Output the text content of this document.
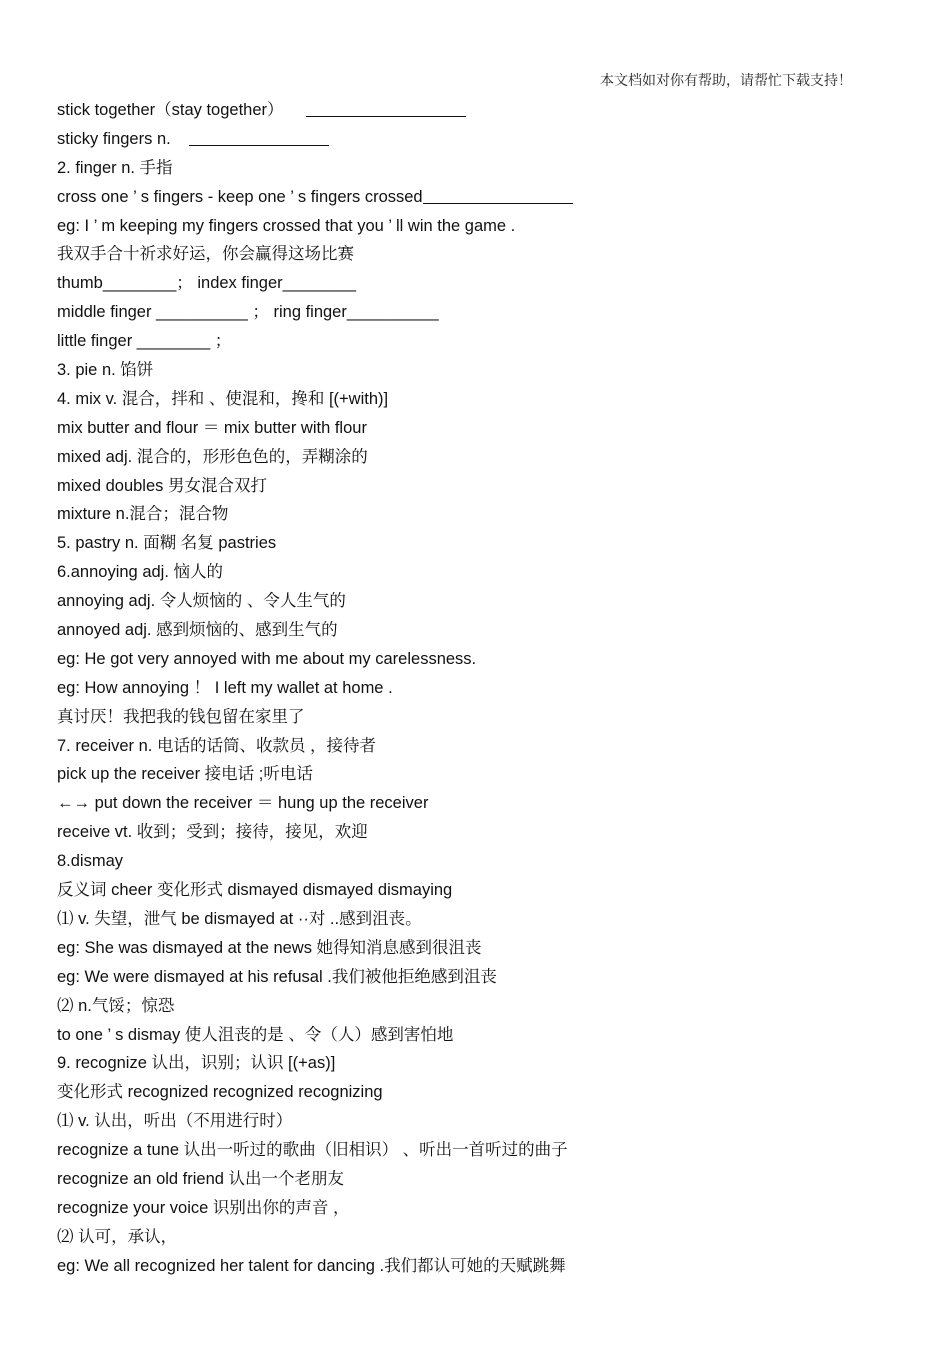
本文档如对你有帮助，请帮忙下载支持！
stick together（stay together）
sticky fingers n.
2. finger n. 手指
cross one ’ s fingers - keep one ’ s fingers crossed
eg: I ’ m keeping my fingers crossed that you ’ ll win the game .
我双手合十祈求好运，你会赢得这场比赛
thumb________； index finger________
middle finger __________ ； ring finger__________
little finger ________ ；
3. pie n. 馅饼
4. mix v. 混合，拌和 、使混和，搀和 [(+with)]
mix butter and flour ＝ mix butter with flour
mixed adj. 混合的，形形色色的，弄糊涂的
mixed doubles 男女混合双打
mixture n.混合；混合物
5. pastry n. 面糊 名复 pastries
6.annoying adj. 恼人的
annoying adj. 令人烦恼的 、令人生气的
annoyed adj. 感到烦恼的、感到生气的
eg: He got very annoyed with me about my carelessness.
eg: How annoying ！ I left my wallet at home .
真讨厌！我把我的钱包留在家里了
7. receiver n. 电话的话筒、收款员 ，接待者
pick up the receiver 接电话 ;听电话
←→ put down the receiver ＝ hung up the receiver
receive vt. 收到；受到；接待，接见，欢迎
8.dismay
反义词 cheer 变化形式 dismayed dismayed dismaying
⑴ v. 失望，泄气 be dismayed at ··对 ..感到沮丧。
eg: She was dismayed at the news 她得知消息感到很沮丧
eg: We were dismayed at his refusal .我们被他拒绝感到沮丧
⑵ n.气馁；惊恐
to one ’ s dismay 使人沮丧的是 、令（人）感到害怕地
9. recognize 认出，识别；认识 [(+as)]
变化形式 recognized recognized recognizing
⑴ v. 认出，听出（不用进行时）
recognize a tune 认出一听过的歌曲（旧相识） 、听出一首听过的曲子
recognize an old friend 认出一个老朋友
recognize your voice 识别出你的声音 ，
⑵ 认可，承认，
eg: We all recognized her talent for dancing .我们都认可她的天赋跳舞
